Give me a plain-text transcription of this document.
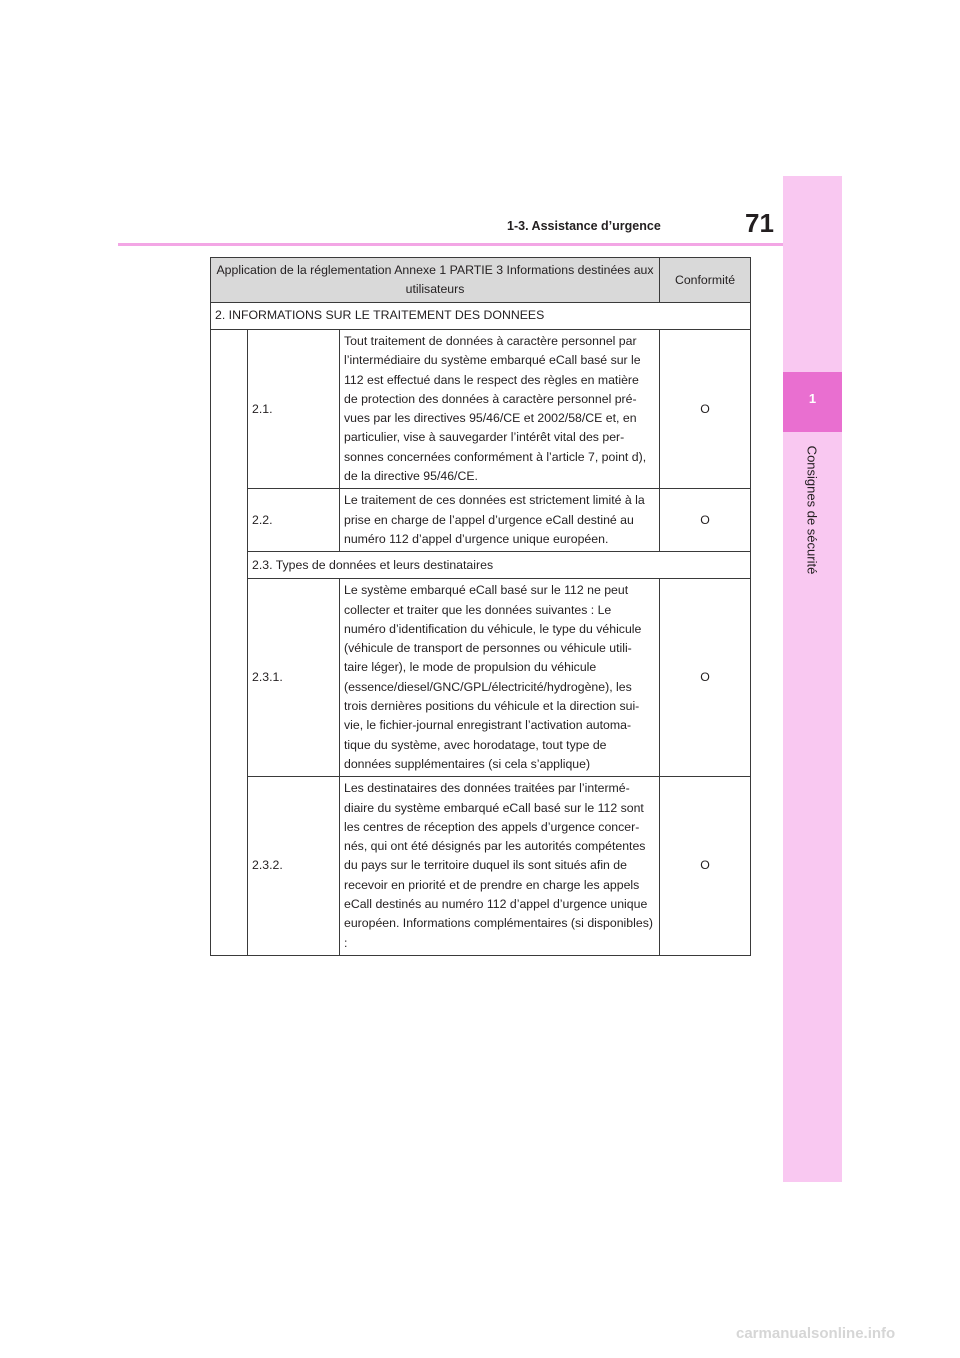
1
Consignes de sécurité
1-3. Assistance d’urgence	71
Application de la réglementation Annexe 1 PARTIE 3 Informations destinées aux utilisateurs			Conformité
2. INFORMATIONS SUR LE TRAITEMENT DES DONNEES			
	2.1.	Tout traitement de données à caractère personnel par l’intermédiaire du système embarqué eCall basé sur le 112 est effectué dans le respect des règles en matière de protection des données à caractère personnel pré-vues par les directives 95/46/CE et 2002/58/CE et, en particulier, vise à sauvegarder l’intérêt vital des per-sonnes concernées conformément à l’article 7, point d), de la directive 95/46/CE.	O
	2.2.	Le traitement de ces données est strictement limité à la prise en charge de l’appel d’urgence eCall destiné au numéro 112 d’appel d’urgence unique européen.	O
	2.3. Types de données et leurs destinataires		
	2.3.1.	Le système embarqué eCall basé sur le 112 ne peut collecter et traiter que les données suivantes : Le numéro d’identification du véhicule, le type du véhicule (véhicule de transport de personnes ou véhicule utili-taire léger), le mode de propulsion du véhicule (essence/diesel/GNC/GPL/électricité/hydrogène), les trois dernières positions du véhicule et la direction sui-vie, le fichier-journal enregistrant l’activation automa-tique du système, avec horodatage, tout type de données supplémentaires (si cela s’applique)	O
	2.3.2.	Les destinataires des données traitées par l’intermé-diaire du système embarqué eCall basé sur le 112 sont les centres de réception des appels d’urgence concer-nés, qui ont été désignés par les autorités compétentes du pays sur le territoire duquel ils sont situés afin de recevoir en priorité et de prendre en charge les appels eCall destinés au numéro 112 d’appel d’urgence unique européen. Informations complémentaires (si disponibles) :	O
carmanualsonline.info
